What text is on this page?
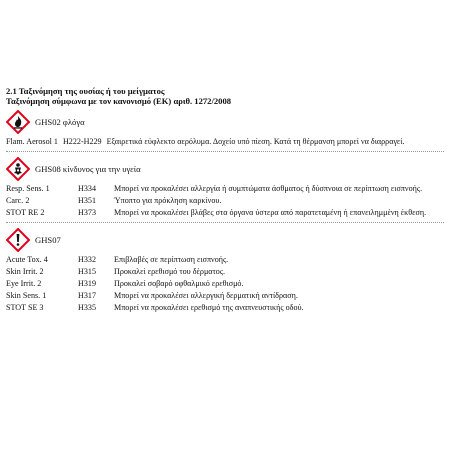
2.1 Ταξινόμηση της ουσίας ή του μείγματος
Ταξινόμηση σύμφωνα με τον κανονισμό (ΕΚ) αριθ. 1272/2008
GHS02 φλόγα
Flam. Aerosol 1 H222-H229 Εξαιρετικά εύφλεκτο αερόλυμα. Δοχείο υπό πίεση. Κατά τη θέρμανση μπορεί να διαρραγεί.
GHS08 κίνδυνος για την υγεία
Resp. Sens. 1	H334	Μπορεί να προκαλέσει αλλεργία ή συμπτώματα άσθματος ή δύσπνοια σε περίπτωση εισπνοής.
Carc. 2	H351	Ύποπτο για πρόκληση καρκίνου.
STOT RE 2	H373	Μπορεί να προκαλέσει βλάβες στα όργανα ύστερα από παρατεταμένη ή επανειλημμένη έκθεση.
GHS07
Acute Tox. 4	H332	Επιβλαβές σε περίπτωση εισπνοής.
Skin Irrit. 2	H315	Προκαλεί ερεθισμό του δέρματος.
Eye Irrit. 2	H319	Προκαλεί σοβαρό οφθαλμικό ερεθισμό.
Skin Sens. 1	H317	Μπορεί να προκαλέσει αλλεργική δερματική αντίδραση.
STOT SE 3	H335	Μπορεί να προκαλέσει ερεθισμό της αναπνευστικής οδού.
